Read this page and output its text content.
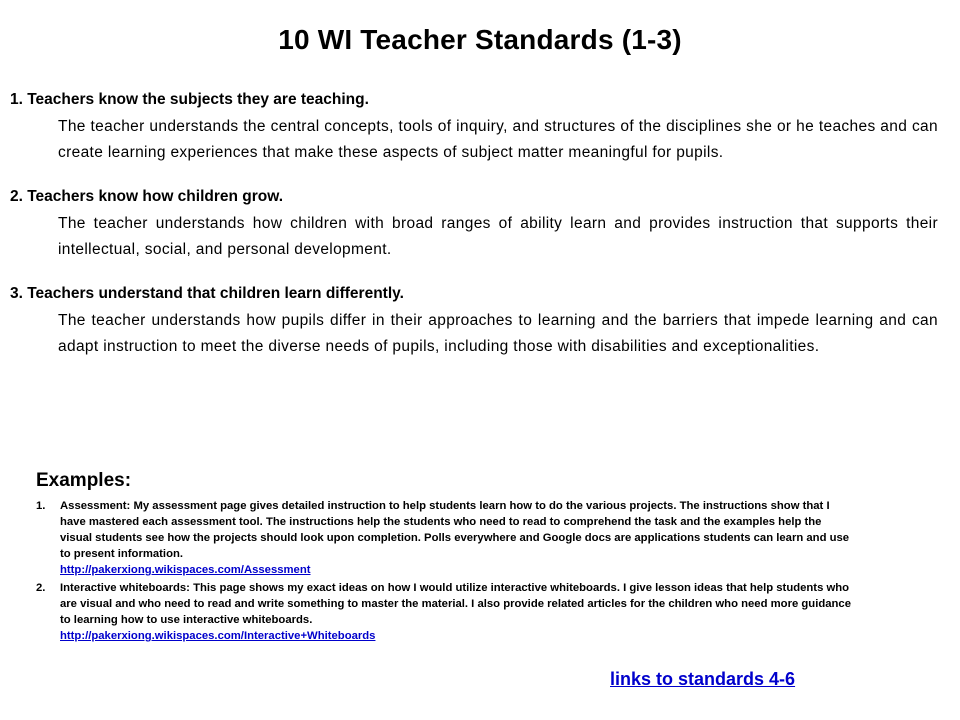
10 WI Teacher Standards (1-3)

1. Teachers know the subjects they are teaching.

The teacher understands the central concepts, tools of inquiry, and structures of the disciplines she or he teaches and can create learning experiences that make these aspects of subject matter meaningful for pupils.

2. Teachers know how children grow.

The teacher understands how children with broad ranges of ability learn and provides instruction that supports their intellectual, social, and personal development.

3. Teachers understand that children learn differently.

The teacher understands how pupils differ in their approaches to learning and the barriers that impede learning and can adapt instruction to meet the diverse needs of pupils, including those with disabilities and exceptionalities.

Examples:
1. Assessment: My assessment page gives detailed instruction to help students learn how to do the various projects. The instructions show that I have mastered each assessment tool. The instructions help the students who need to read to comprehend the task and the examples help the visual students see how the projects should look upon completion. Polls everywhere and Google docs are applications students can learn and use to present information.
http://pakerxiong.wikispaces.com/Assessment
2. Interactive whiteboards: This page shows my exact ideas on how I would utilize interactive whiteboards. I give lesson ideas that help students who are visual and who need to read and write something to master the material. I also provide related articles for the children who need more guidance to learning how to use interactive whiteboards.
http://pakerxiong.wikispaces.com/Interactive+Whiteboards
links to standards 4-6
